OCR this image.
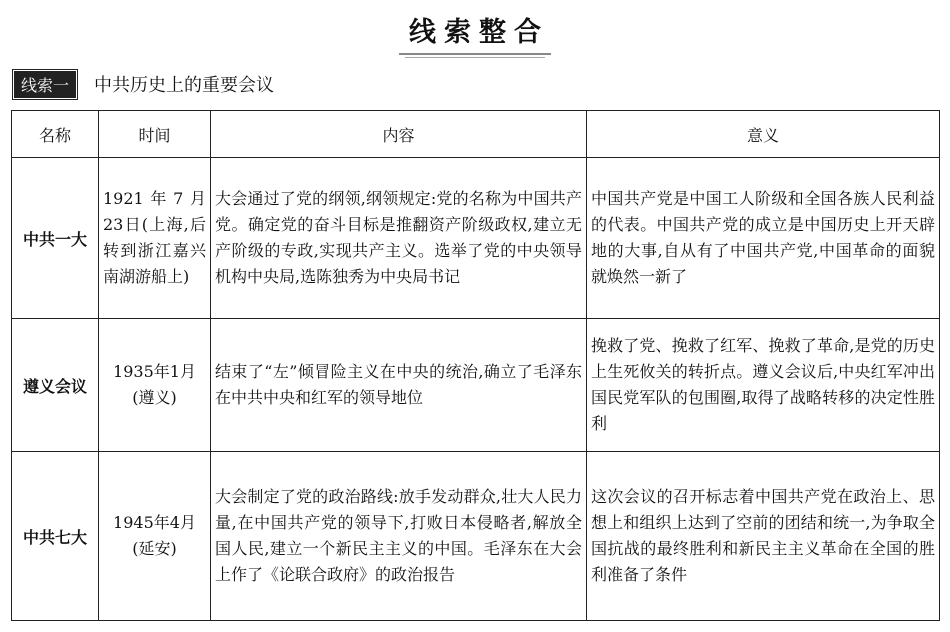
线索整合
线索一	中共历史上的重要会议
名称	时间	内容	意义
中共一大	1921年7月23日(上海,后转到浙江嘉兴南湖游船上)	大会通过了党的纲领,纲领规定:党的名称为中国共产党。确定党的奋斗目标是推翻资产阶级政权,建立无产阶级的专政,实现共产主义。选举了党的中央领导机构中央局,选陈独秀为中央局书记	中国共产党是中国工人阶级和全国各族人民利益的代表。中国共产党的成立是中国历史上开天辟地的大事,自从有了中国共产党,中国革命的面貌就焕然一新了
遵义会议	1935年1月(遵义)	结束了“左”倾冒险主义在中央的统治,确立了毛泽东在中共中央和红军的领导地位	挽救了党、挽救了红军、挽救了革命,是党的历史上生死攸关的转折点。遵义会议后,中央红军冲出国民党军队的包围圈,取得了战略转移的决定性胜利
中共七大	1945年4月(延安)	大会制定了党的政治路线:放手发动群众,壮大人民力量,在中国共产党的领导下,打败日本侵略者,解放全国人民,建立一个新民主主义的中国。毛泽东在大会上作了《论联合政府》的政治报告	这次会议的召开标志着中国共产党在政治上、思想上和组织上达到了空前的团结和统一,为争取全国抗战的最终胜利和新民主主义革命在全国的胜利准备了条件
